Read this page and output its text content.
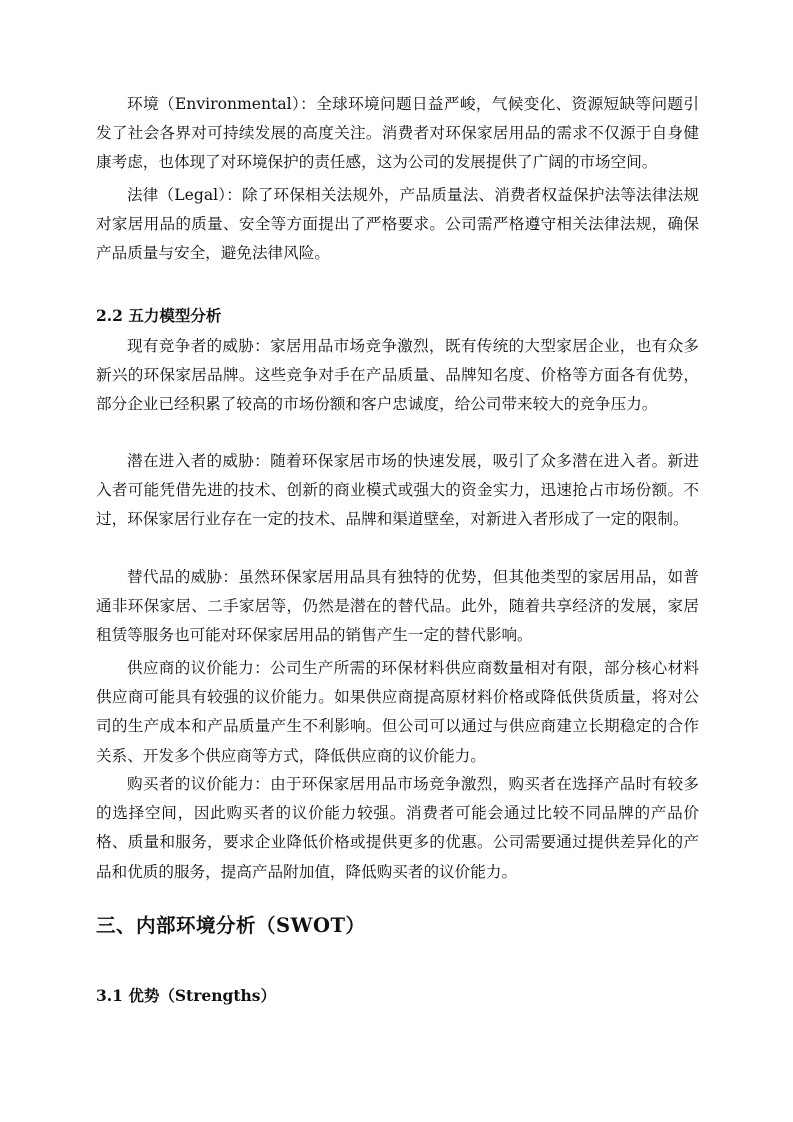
环境（Environmental）：全球环境问题日益严峻，气候变化、资源短缺等问题引发了社会各界对可持续发展的高度关注。消费者对环保家居用品的需求不仅源于自身健康考虑，也体现了对环境保护的责任感，这为公司的发展提供了广阔的市场空间。

法律（Legal）：除了环保相关法规外，产品质量法、消费者权益保护法等法律法规对家居用品的质量、安全等方面提出了严格要求。公司需严格遵守相关法律法规，确保产品质量与安全，避免法律风险。

2.2 五力模型分析

现有竞争者的威胁：家居用品市场竞争激烈，既有传统的大型家居企业，也有众多新兴的环保家居品牌。这些竞争对手在产品质量、品牌知名度、价格等方面各有优势，部分企业已经积累了较高的市场份额和客户忠诚度，给公司带来较大的竞争压力。

潜在进入者的威胁：随着环保家居市场的快速发展，吸引了众多潜在进入者。新进入者可能凭借先进的技术、创新的商业模式或强大的资金实力，迅速抢占市场份额。不过，环保家居行业存在一定的技术、品牌和渠道壁垒，对新进入者形成了一定的限制。

替代品的威胁：虽然环保家居用品具有独特的优势，但其他类型的家居用品，如普通非环保家居、二手家居等，仍然是潜在的替代品。此外，随着共享经济的发展，家居租赁等服务也可能对环保家居用品的销售产生一定的替代影响。

供应商的议价能力：公司生产所需的环保材料供应商数量相对有限，部分核心材料供应商可能具有较强的议价能力。如果供应商提高原材料价格或降低供货质量，将对公司的生产成本和产品质量产生不利影响。但公司可以通过与供应商建立长期稳定的合作关系、开发多个供应商等方式，降低供应商的议价能力。

购买者的议价能力：由于环保家居用品市场竞争激烈，购买者在选择产品时有较多的选择空间，因此购买者的议价能力较强。消费者可能会通过比较不同品牌的产品价格、质量和服务，要求企业降低价格或提供更多的优惠。公司需要通过提供差异化的产品和优质的服务，提高产品附加值，降低购买者的议价能力。

三、内部环境分析（SWOT）
3.1 优势（Strengths）
